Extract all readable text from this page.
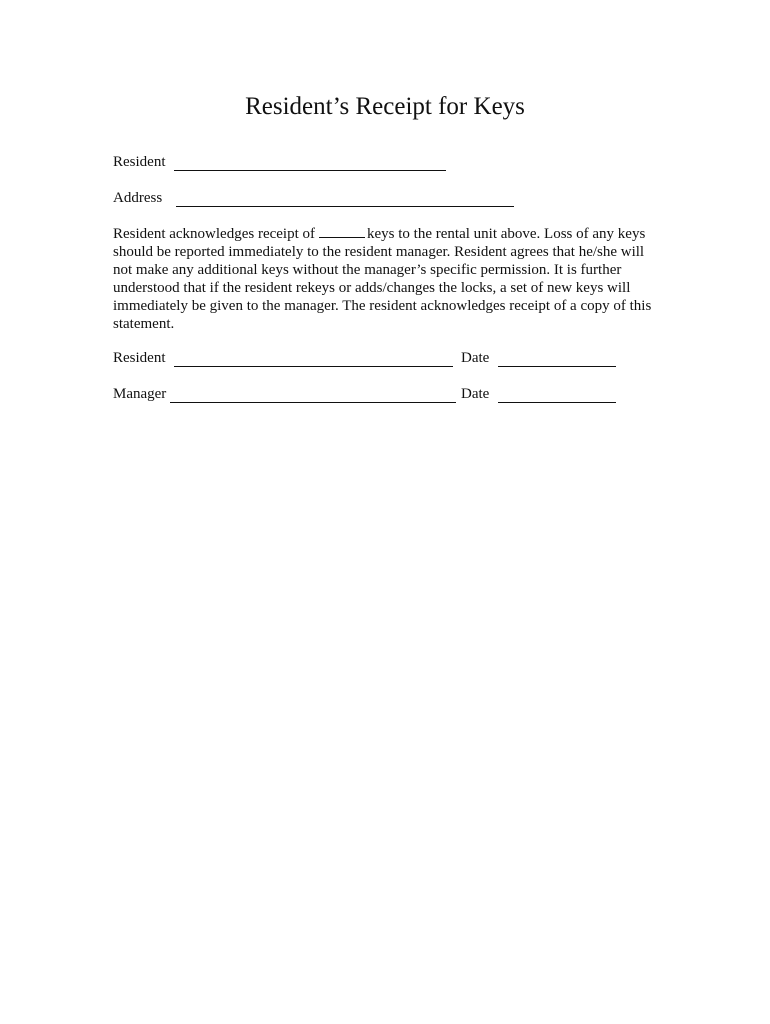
Resident’s Receipt for Keys
Resident
Address

Resident acknowledges receipt of	keys to the rental unit above. Loss of any keys

should be reported immediately to the resident manager. Resident agrees that he/she will

not make any additional keys without the manager’s specific permission. It is further

understood that if the resident rekeys or adds/changes the locks, a set of new keys will

immediately be given to the manager. The resident acknowledges receipt of a copy of this

statement.

Resident	Date
Manager	Date
